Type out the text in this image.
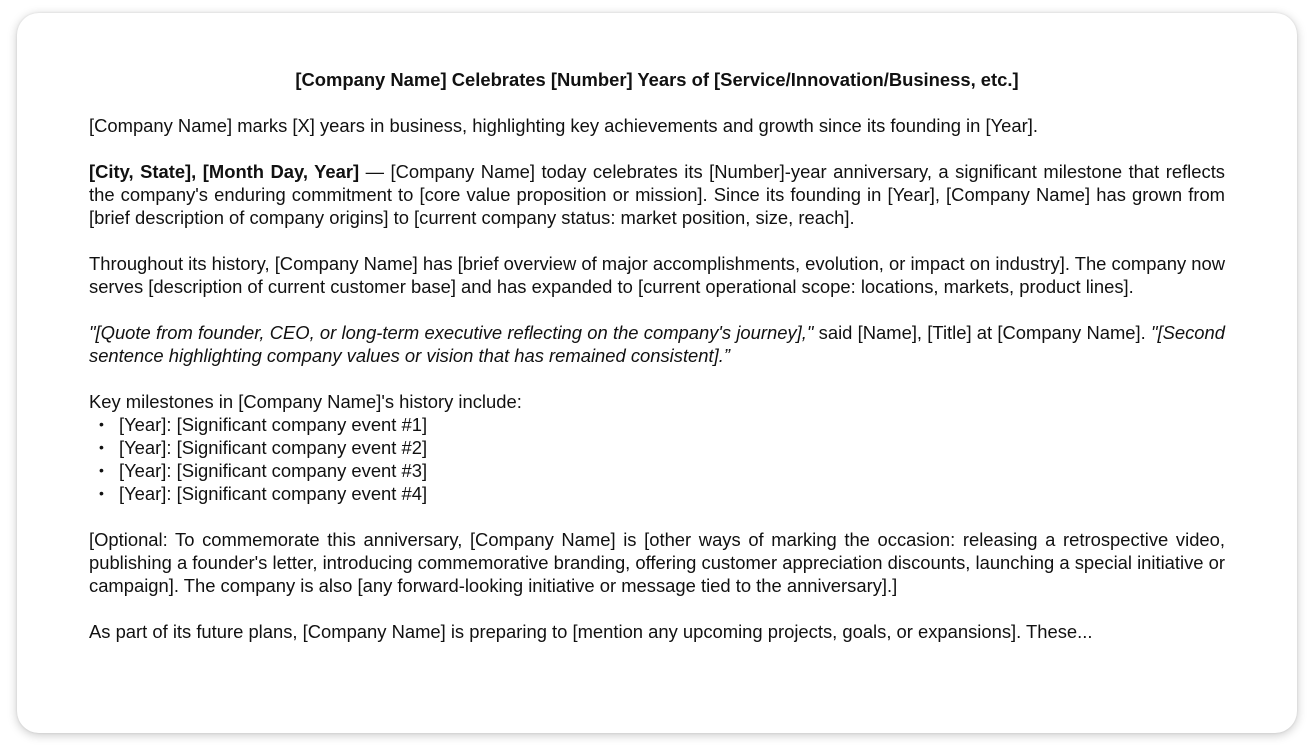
[Company Name] Celebrates [Number] Years of [Service/Innovation/Business, etc.]

[Company Name] marks [X] years in business, highlighting key achievements and growth since its founding in [Year].

[City, State], [Month Day, Year] — [Company Name] today celebrates its [Number]-year anniversary, a significant milestone that reflects the company's enduring commitment to [core value proposition or mission]. Since its founding in [Year], [Company Name] has grown from [brief description of company origins] to [current company status: market position, size, reach].

Throughout its history, [Company Name] has [brief overview of major accomplishments, evolution, or impact on industry]. The company now serves [description of current customer base] and has expanded to [current operational scope: locations, markets, product lines].

"[Quote from founder, CEO, or long-term executive reflecting on the company's journey]," said [Name], [Title] at [Company Name]. "[Second sentence highlighting company values or vision that has remained consistent].”

Key milestones in [Company Name]'s history include:

• [Year]: [Significant company event #1]
• [Year]: [Significant company event #2]
• [Year]: [Significant company event #3]
• [Year]: [Significant company event #4]

[Optional: To commemorate this anniversary, [Company Name] is [other ways of marking the occasion: releasing a retrospective video, publishing a founder's letter, introducing commemorative branding, offering customer appreciation discounts, launching a special initiative or campaign]. The company is also [any forward-looking initiative or message tied to the anniversary].]

As part of its future plans, [Company Name] is preparing to [mention any upcoming projects, goals, or expansions]. These...
